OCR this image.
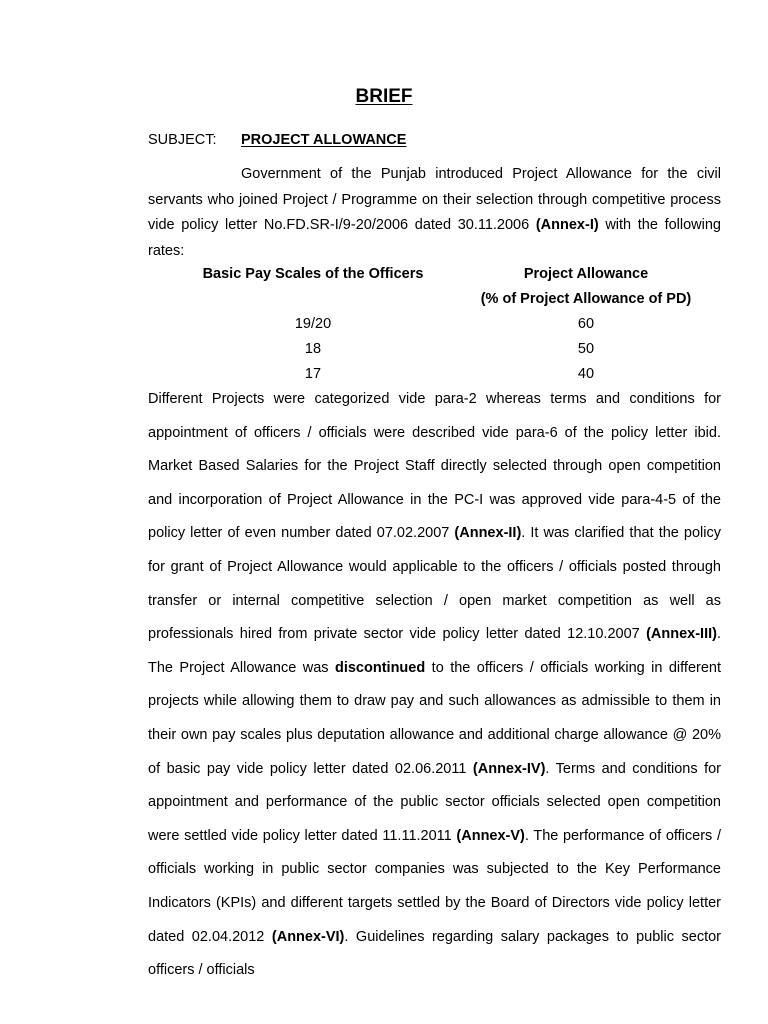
BRIEF
SUBJECT: PROJECT ALLOWANCE
Government of the Punjab introduced Project Allowance for the civil servants who joined Project / Programme on their selection through competitive process vide policy letter No.FD.SR-I/9-20/2006 dated 30.11.2006 (Annex-I) with the following rates:
Basic Pay Scales of the Officers	Project Allowance
(% of Project Allowance of PD)
19/20	60
18	50
17	40
Different Projects were categorized vide para-2 whereas terms and conditions for appointment of officers / officials were described vide para-6 of the policy letter ibid. Market Based Salaries for the Project Staff directly selected through open competition and incorporation of Project Allowance in the PC-I was approved vide para-4-5 of the policy letter of even number dated 07.02.2007 (Annex-II). It was clarified that the policy for grant of Project Allowance would applicable to the officers / officials posted through transfer or internal competitive selection / open market competition as well as professionals hired from private sector vide policy letter dated 12.10.2007 (Annex-III). The Project Allowance was discontinued to the officers / officials working in different projects while allowing them to draw pay and such allowances as admissible to them in their own pay scales plus deputation allowance and additional charge allowance @ 20% of basic pay vide policy letter dated 02.06.2011 (Annex-IV). Terms and conditions for appointment and performance of the public sector officials selected open competition were settled vide policy letter dated 11.11.2011 (Annex-V). The performance of officers / officials working in public sector companies was subjected to the Key Performance Indicators (KPIs) and different targets settled by the Board of Directors vide policy letter dated 02.04.2012 (Annex-VI). Guidelines regarding salary packages to public sector officers / officials
